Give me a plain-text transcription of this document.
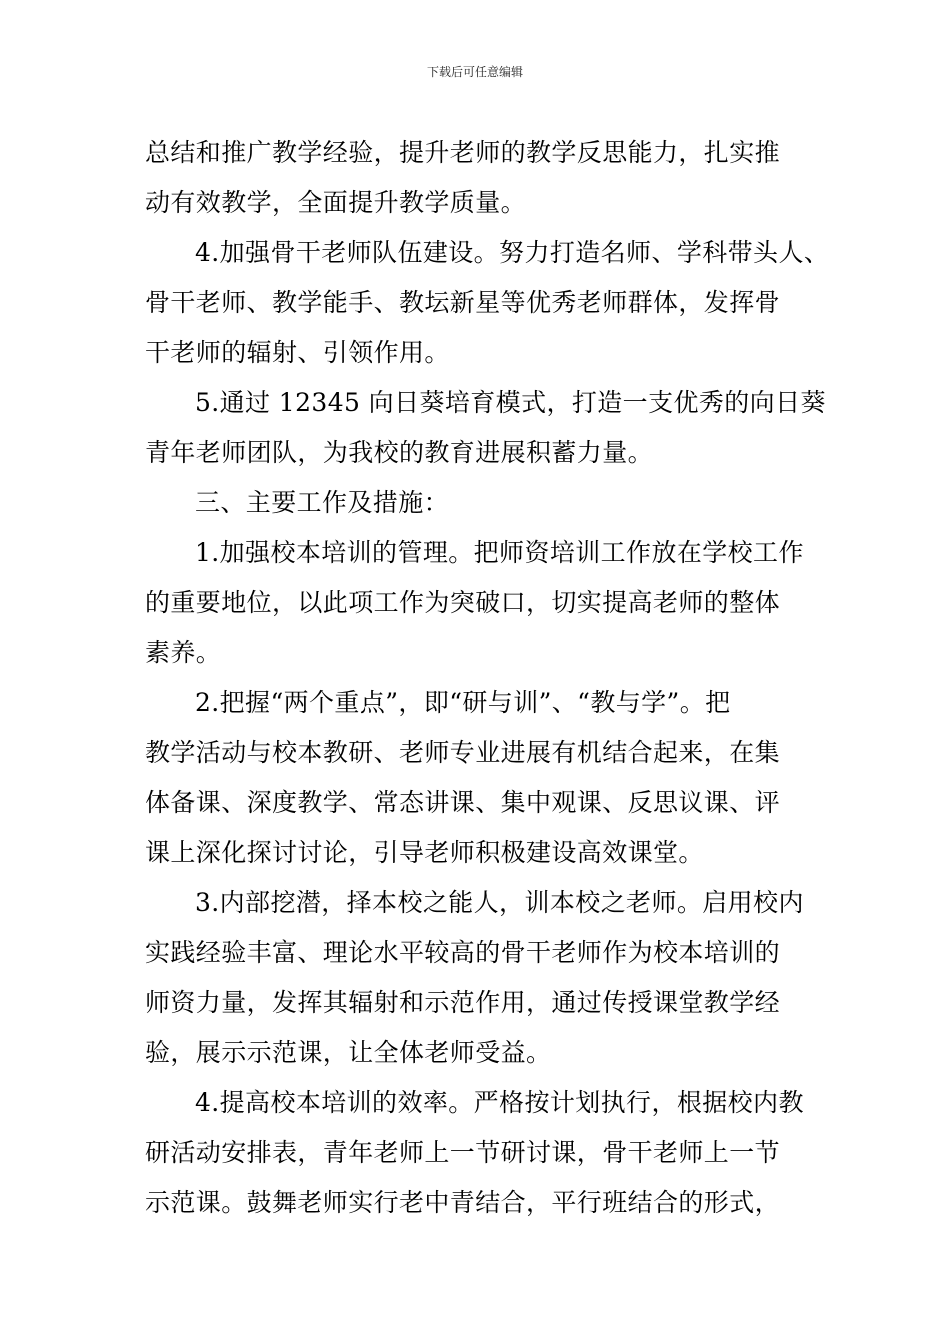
下载后可任意编辑
总结和推广教学经验，提升老师的教学反思能力，扎实推
动有效教学，全面提升教学质量。
4.加强骨干老师队伍建设。努力打造名师、学科带头人、
骨干老师、教学能手、教坛新星等优秀老师群体，发挥骨
干老师的辐射、引领作用。
5.通过 12345 向日葵培育模式，打造一支优秀的向日葵
青年老师团队，为我校的教育进展积蓄力量。
三、主要工作及措施：
1.加强校本培训的管理。把师资培训工作放在学校工作
的重要地位，以此项工作为突破口，切实提高老师的整体
素养。
2.把握“两个重点”，即“研与训”、“教与学”。把
教学活动与校本教研、老师专业进展有机结合起来，在集
体备课、深度教学、常态讲课、集中观课、反思议课、评
课上深化探讨讨论，引导老师积极建设高效课堂。
3.内部挖潜，择本校之能人，训本校之老师。启用校内
实践经验丰富、理论水平较高的骨干老师作为校本培训的
师资力量，发挥其辐射和示范作用，通过传授课堂教学经
验，展示示范课，让全体老师受益。
4.提高校本培训的效率。严格按计划执行，根据校内教
研活动安排表，青年老师上一节研讨课，骨干老师上一节
示范课。鼓舞老师实行老中青结合，平行班结合的形式，
